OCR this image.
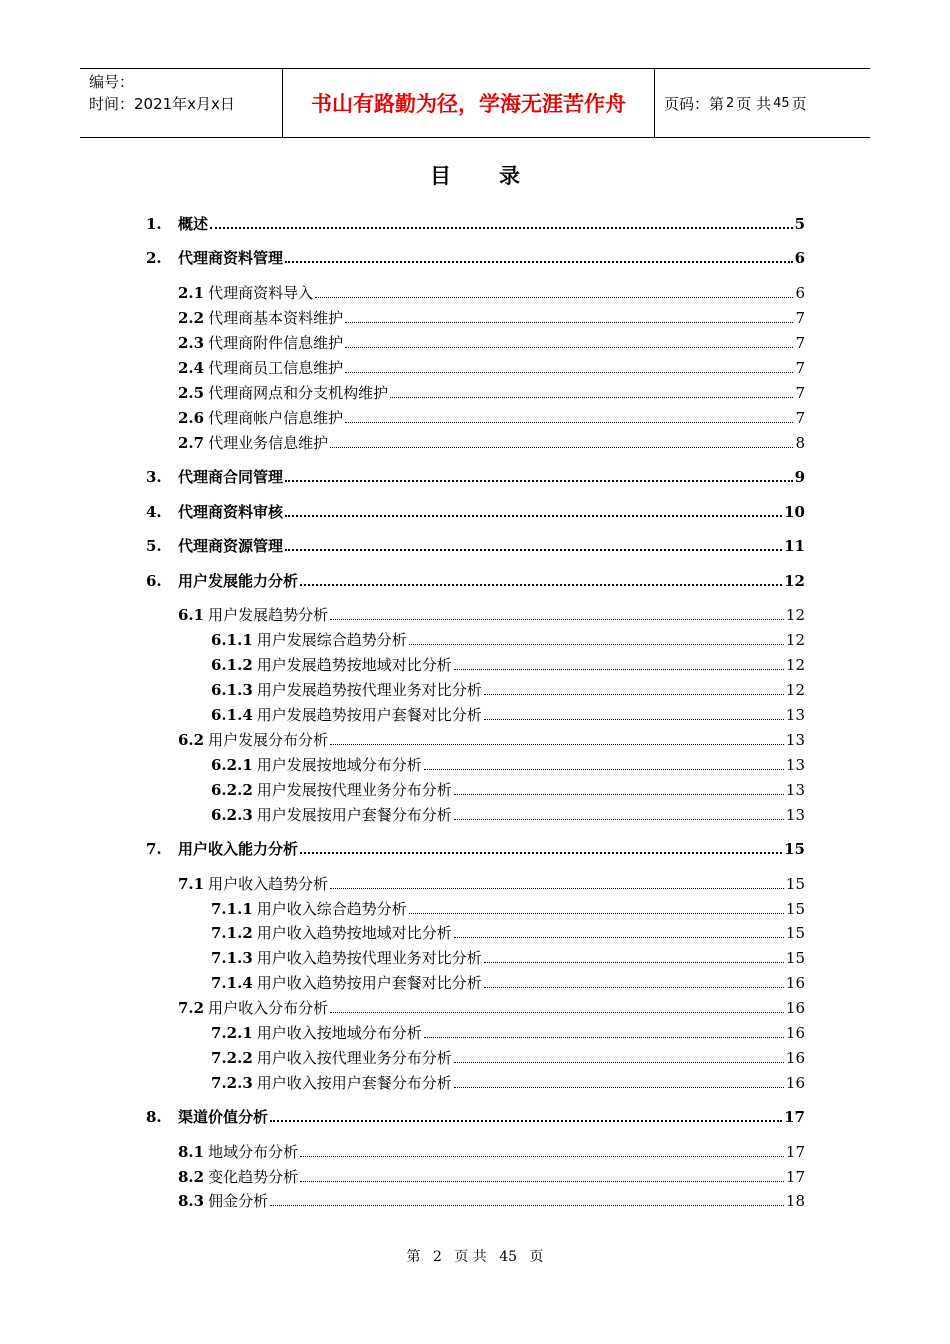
编号：
时间：2021年x月x日	书山有路勤为径，学海无涯苦作舟	页码：第 2 页 共 45 页
目 录
1. 概述	5
2. 代理商资料管理	6
2.1 代理商资料导入	6
2.2 代理商基本资料维护	7
2.3 代理商附件信息维护	7
2.4 代理商员工信息维护	7
2.5 代理商网点和分支机构维护	7
2.6 代理商帐户信息维护	7
2.7 代理业务信息维护	8
3. 代理商合同管理	9
4. 代理商资料审核	10
5. 代理商资源管理	11
6. 用户发展能力分析	12
6.1 用户发展趋势分析	12
6.1.1 用户发展综合趋势分析	12
6.1.2 用户发展趋势按地域对比分析	12
6.1.3 用户发展趋势按代理业务对比分析	12
6.1.4 用户发展趋势按用户套餐对比分析	13
6.2 用户发展分布分析	13
6.2.1 用户发展按地域分布分析	13
6.2.2 用户发展按代理业务分布分析	13
6.2.3 用户发展按用户套餐分布分析	13
7. 用户收入能力分析	15
7.1 用户收入趋势分析	15
7.1.1 用户收入综合趋势分析	15
7.1.2 用户收入趋势按地域对比分析	15
7.1.3 用户收入趋势按代理业务对比分析	15
7.1.4 用户收入趋势按用户套餐对比分析	16
7.2 用户收入分布分析	16
7.2.1 用户收入按地域分布分析	16
7.2.2 用户收入按代理业务分布分析	16
7.2.3 用户收入按用户套餐分布分析	16
8. 渠道价值分析	17
8.1 地域分布分析	17
8.2 变化趋势分析	17
8.3 佣金分析	18
第 2 页 共 45 页
